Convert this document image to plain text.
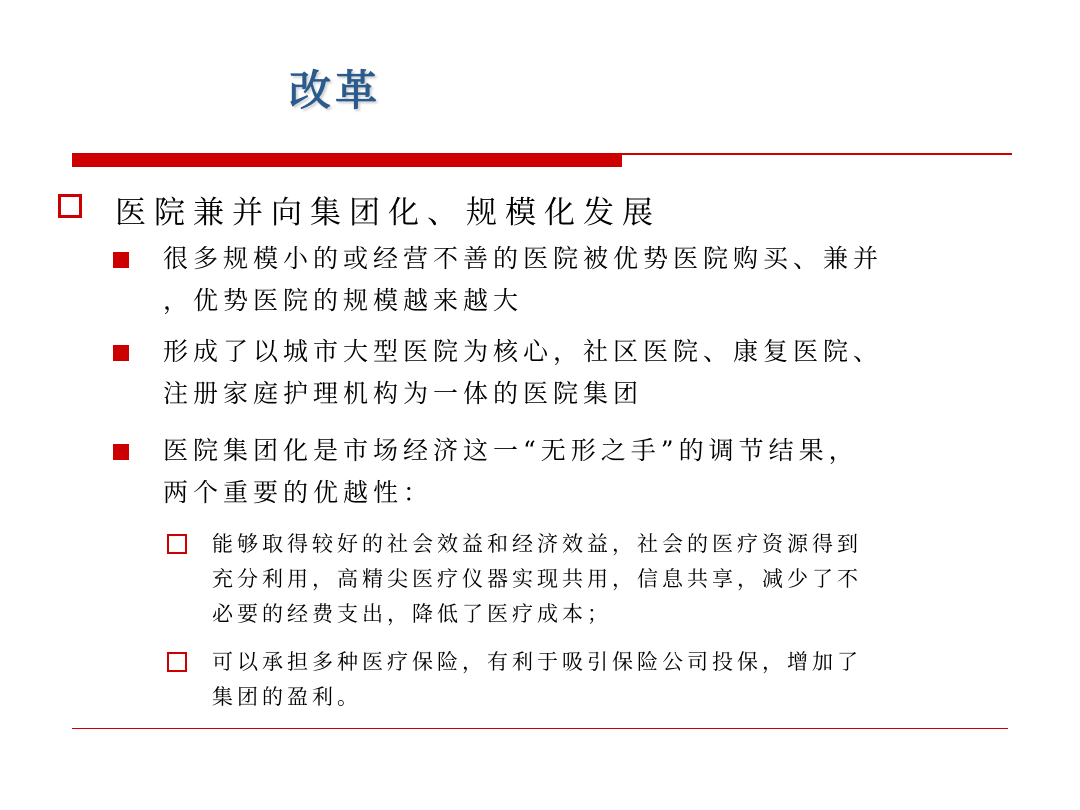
改革
医院兼并向集团化、规模化发展
很多规模小的或经营不善的医院被优势医院购买、兼并
，优势医院的规模越来越大
形成了以城市大型医院为核心，社区医院、康复医院、
注册家庭护理机构为一体的医院集团
医院集团化是市场经济这一“无形之手”的调节结果，
两个重要的优越性：
能够取得较好的社会效益和经济效益，社会的医疗资源得到
充分利用，高精尖医疗仪器实现共用，信息共享，减少了不
必要的经费支出，降低了医疗成本；
可以承担多种医疗保险，有利于吸引保险公司投保，增加了
集团的盈利。
